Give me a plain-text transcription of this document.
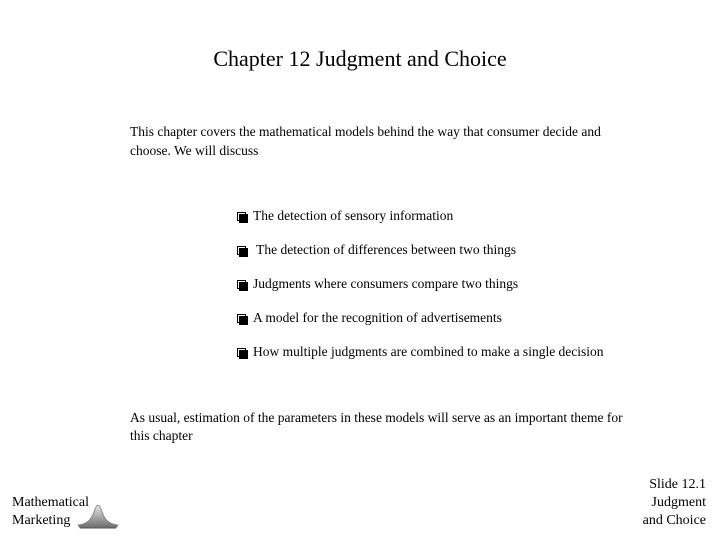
Chapter 12 Judgment and Choice
This chapter covers the mathematical models behind the way that consumer decide and choose. We will discuss
The detection of sensory information
The detection of differences between two things
Judgments where consumers compare two things
A model for the recognition of advertisements
How multiple judgments are combined to make a single decision
As usual, estimation of the parameters in these models will serve as an important theme for this chapter
Mathematical
Marketing
Slide 12.1
Judgment
and Choice
